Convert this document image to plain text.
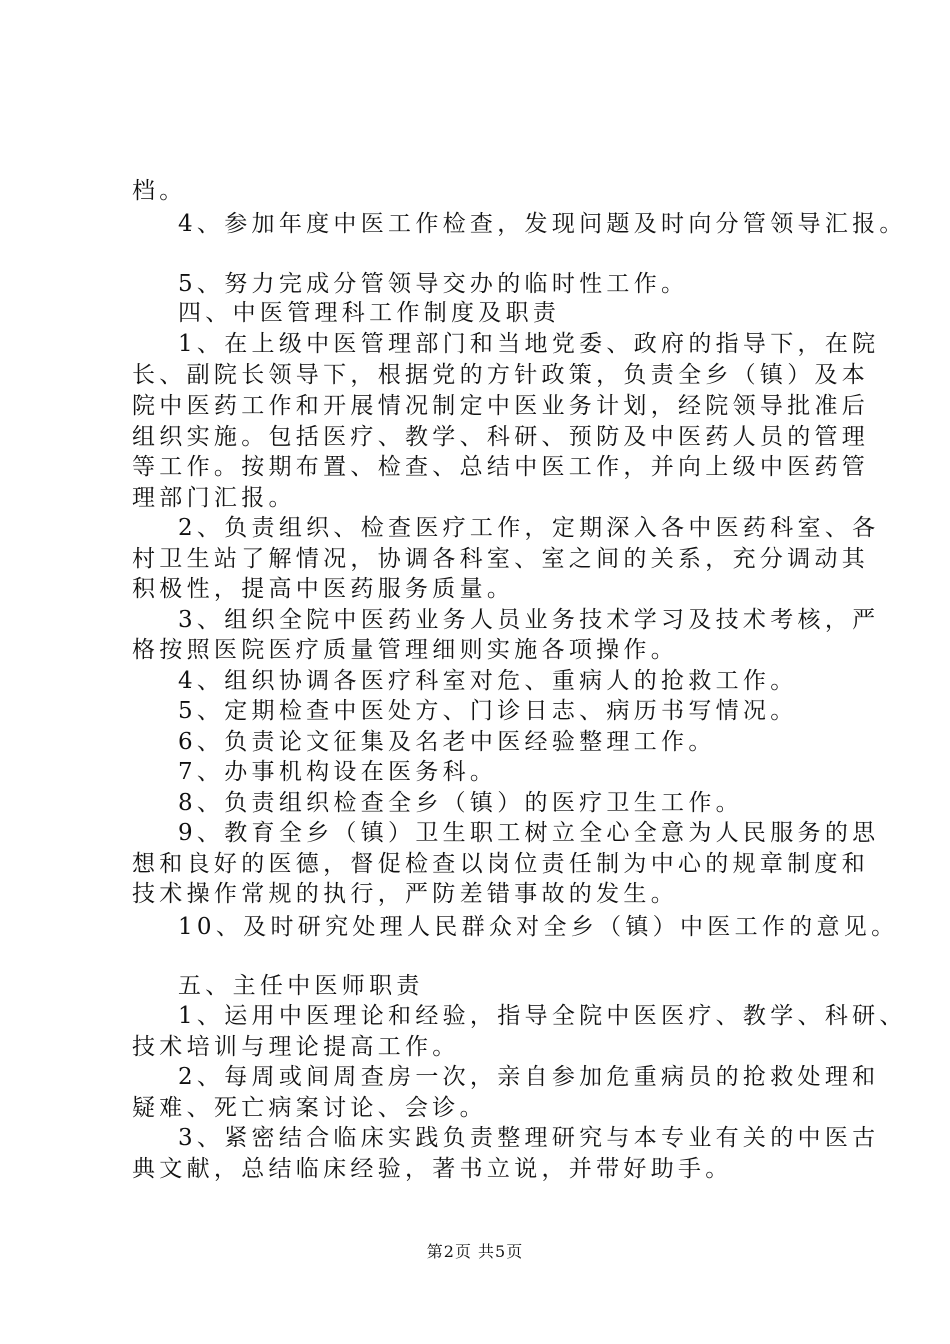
档。
4、参加年度中医工作检查，发现问题及时向分管领导汇报。
5、努力完成分管领导交办的临时性工作。
四、中医管理科工作制度及职责
1、在上级中医管理部门和当地党委、政府的指导下，在院
长、副院长领导下，根据党的方针政策，负责全乡（镇）及本
院中医药工作和开展情况制定中医业务计划，经院领导批准后
组织实施。包括医疗、教学、科研、预防及中医药人员的管理
等工作。按期布置、检查、总结中医工作，并向上级中医药管
理部门汇报。
2、负责组织、检查医疗工作，定期深入各中医药科室、各
村卫生站了解情况，协调各科室、室之间的关系，充分调动其
积极性，提高中医药服务质量。
3、组织全院中医药业务人员业务技术学习及技术考核，严
格按照医院医疗质量管理细则实施各项操作。
4、组织协调各医疗科室对危、重病人的抢救工作。
5、定期检查中医处方、门诊日志、病历书写情况。
6、负责论文征集及名老中医经验整理工作。
7、办事机构设在医务科。
8、负责组织检查全乡（镇）的医疗卫生工作。
9、教育全乡（镇）卫生职工树立全心全意为人民服务的思
想和良好的医德，督促检查以岗位责任制为中心的规章制度和
技术操作常规的执行，严防差错事故的发生。
10、及时研究处理人民群众对全乡（镇）中医工作的意见。
五、主任中医师职责
1、运用中医理论和经验，指导全院中医医疗、教学、科研、
技术培训与理论提高工作。
2、每周或间周查房一次，亲自参加危重病员的抢救处理和
疑难、死亡病案讨论、会诊。
3、紧密结合临床实践负责整理研究与本专业有关的中医古
典文献，总结临床经验，著书立说，并带好助手。
第2页 共5页
